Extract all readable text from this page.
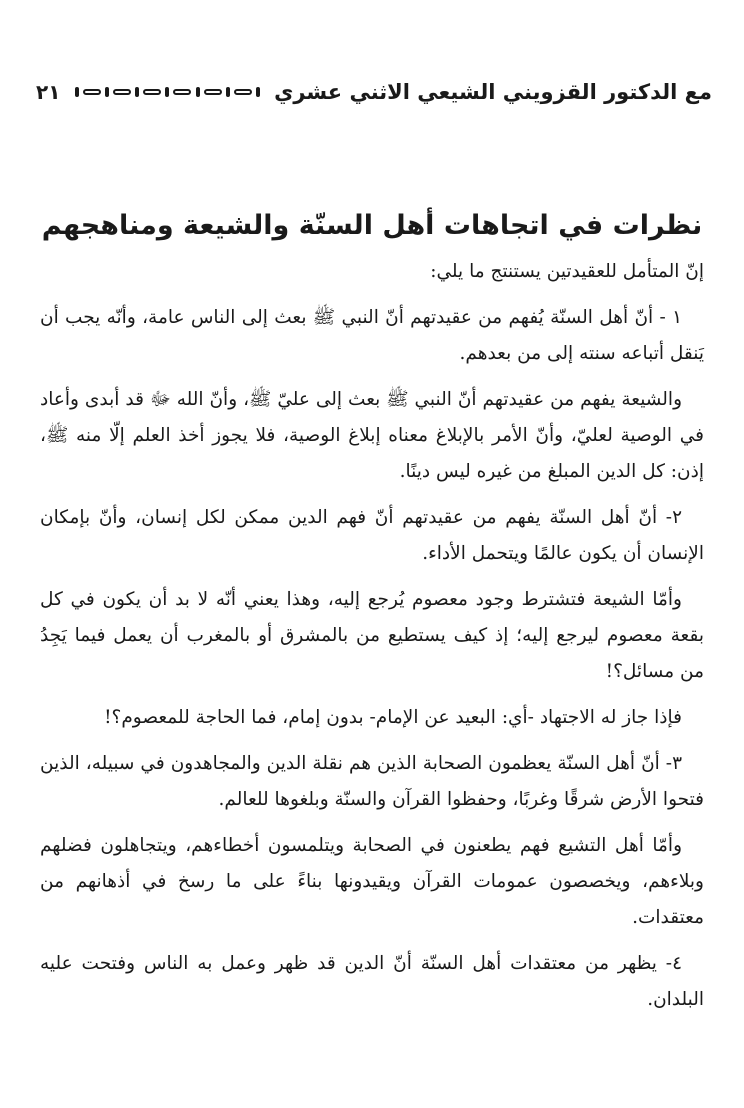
مع الدكتور القزويني الشيعي الاثني عشري
٢١
نظرات في اتجاهات أهل السنّة والشيعة ومناهجهم

إنّ المتأمل للعقيدتين يستنتج ما يلي:

١ - أنّ أهل السنّة يُفهم من عقيدتهم أنّ النبي ﷺ بعث إلى الناس عامة، وأنّه يجب أن يَنقل أتباعه سنته إلى من بعدهم.

والشيعة يفهم من عقيدتهم أنّ النبي ﷺ بعث إلى عليّ ﷺ، وأنّ الله ﷻ قد أبدى وأعاد في الوصية لعليّ، وأنّ الأمر بالإبلاغ معناه إبلاغ الوصية، فلا يجوز أخذ العلم إلّا منه ﷺ، إذن: كل الدين المبلغ من غيره ليس دينًا.

٢- أنّ أهل السنّة يفهم من عقيدتهم أنّ فهم الدين ممكن لكل إنسان، وأنّ بإمكان الإنسان أن يكون عالمًا ويتحمل الأداء.

وأمّا الشيعة فتشترط وجود معصوم يُرجع إليه، وهذا يعني أنّه لا بد أن يكون في كل بقعة معصوم ليرجع إليه؛ إذ كيف يستطيع من بالمشرق أو بالمغرب أن يعمل فيما يَجِدُ من مسائل؟!

فإذا جاز له الاجتهاد -أي: البعيد عن الإمام- بدون إمام، فما الحاجة للمعصوم؟!

٣- أنّ أهل السنّة يعظمون الصحابة الذين هم نقلة الدين والمجاهدون في سبيله، الذين فتحوا الأرض شرقًا وغربًا، وحفظوا القرآن والسنّة وبلغوها للعالم.

وأمّا أهل التشيع فهم يطعنون في الصحابة ويتلمسون أخطاءهم، ويتجاهلون فضلهم وبلاءهم، ويخصصون عمومات القرآن ويقيدونها بناءً على ما رسخ في أذهانهم من معتقدات.

٤- يظهر من معتقدات أهل السنّة أنّ الدين قد ظهر وعمل به الناس وفتحت عليه البلدان.
